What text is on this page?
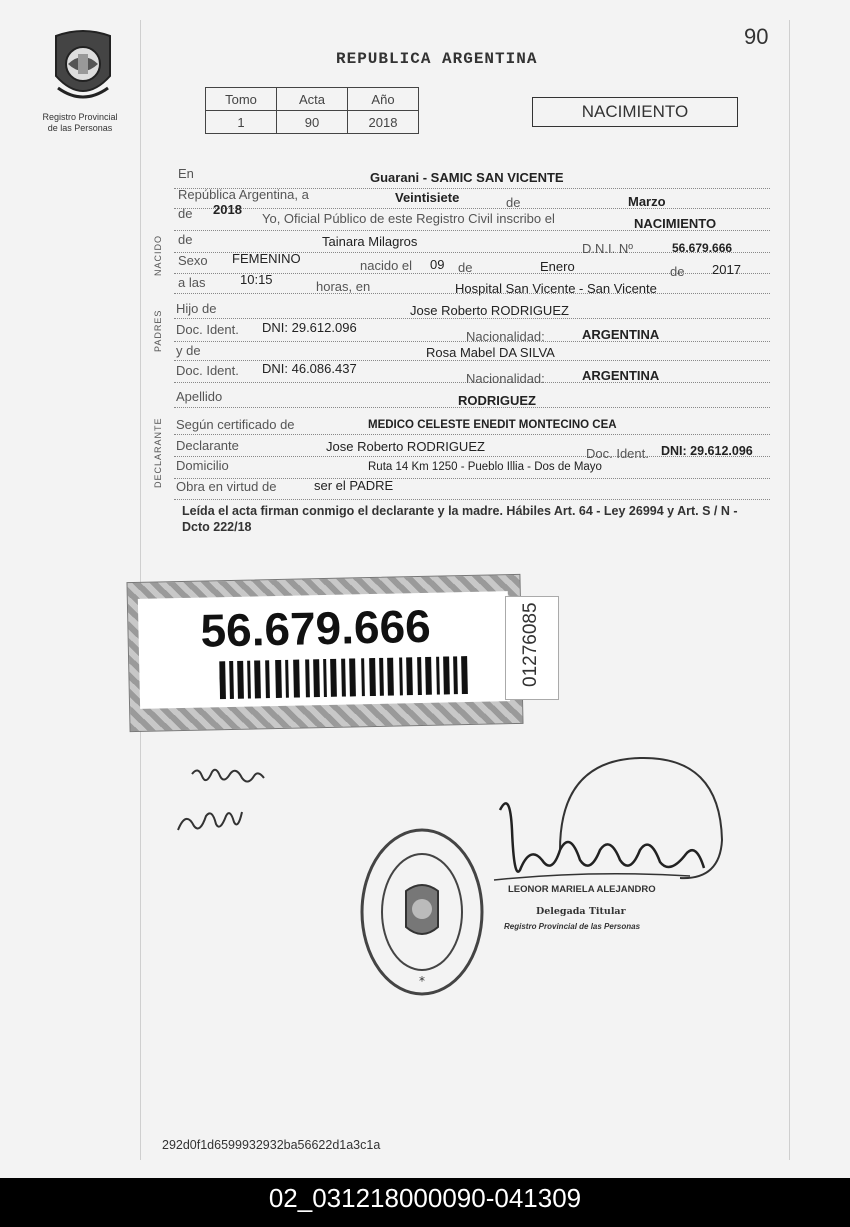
90
Registro Provincial
de las Personas
REPUBLICA ARGENTINA
Tomo	Acta	Año
1	90	2018
NACIMIENTO
NACIDO
PADRES
DECLARANTE
En	Guarani - SAMIC SAN VICENTE
República Argentina, a	Veintisiete	de	Marzo
de 2018
Yo, Oficial Público de este Registro Civil inscribo el	NACIMIENTO
de	Tainara Milagros	D.N.I. Nº	56.679.666
Sexo FEMENINO	nacido el 09 de	Enero	de 2017
a las	10:15	horas, en	Hospital San Vicente - San Vicente
Hijo de	Jose Roberto RODRIGUEZ
Doc. Ident. DNI: 29.612.096
Nacionalidad:	ARGENTINA
y de	Rosa Mabel DA SILVA
Doc. Ident. DNI: 46.086.437
Nacionalidad:	ARGENTINA
Apellido	RODRIGUEZ
Según certificado de	MEDICO CELESTE ENEDIT MONTECINO CEA
Declarante	Jose Roberto RODRIGUEZ	Doc. Ident. DNI: 29.612.096
Domicilio	Ruta 14 Km 1250 - Pueblo Illia - Dos de Mayo
Obra en virtud de	ser el PADRE
Leída el acta firman conmigo el declarante y la madre. Hábiles Art. 64 - Ley 26994 y Art. S / N - Dcto 222/18
56.679.666	01276085
*
LEONOR MARIELA ALEJANDRO
Delegada Titular
Registro Provincial de las Personas
292d0f1d6599932932ba56622d1a3c1a
02_031218000090-041309
